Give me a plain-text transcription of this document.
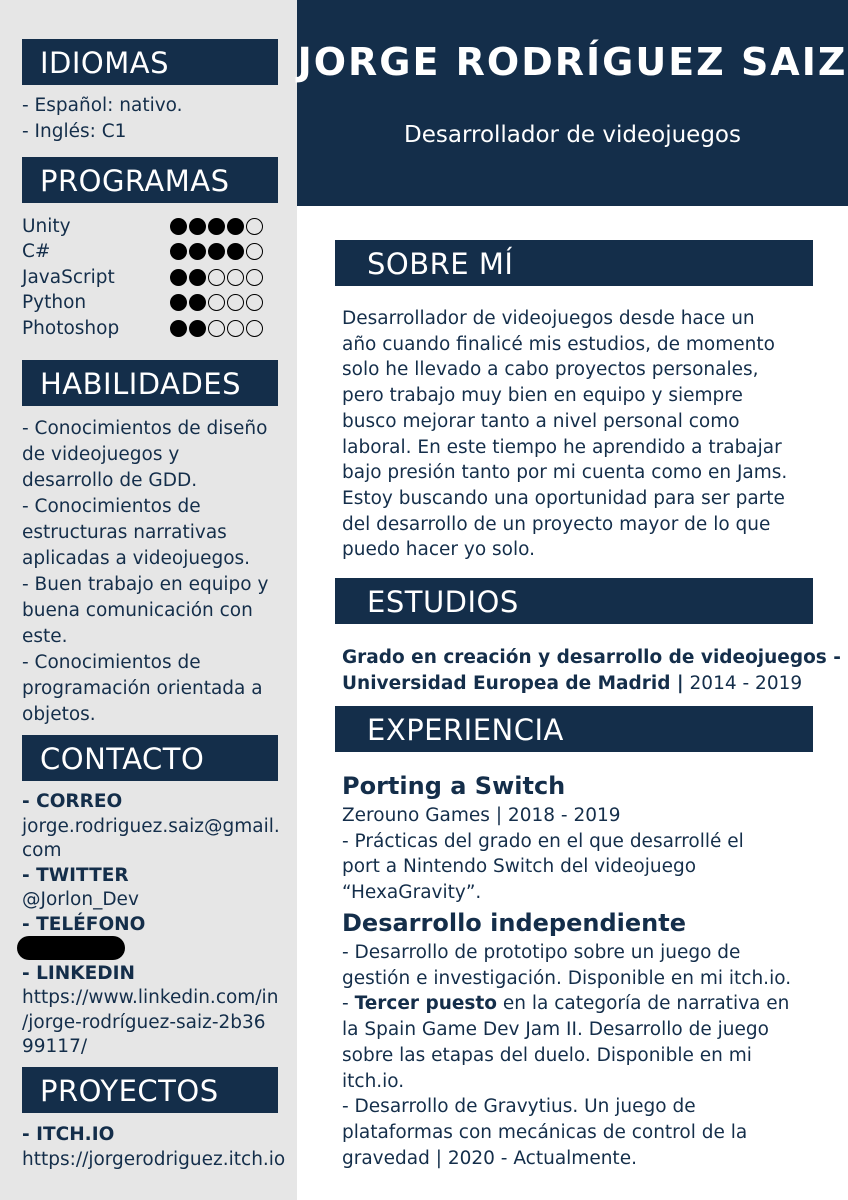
JORGE RODRÍGUEZ SAIZ
Desarrollador de videojuegos
IDIOMAS
- Español: nativo.
- Inglés: C1
PROGRAMAS
Unity
C#
JavaScript
Python
Photoshop
HABILIDADES
- Conocimientos de diseño
de videojuegos y
desarrollo de GDD.
- Conocimientos de
estructuras narrativas
aplicadas a videojuegos.
- Buen trabajo en equipo y
buena comunicación con
este.
- Conocimientos de
programación orientada a
objetos.
CONTACTO
- CORREO
jorge.rodriguez.saiz@gmail.
com
- TWITTER
@Jorlon_Dev
- TELÉFONO
- LINKEDIN
https://www.linkedin.com/in
/jorge-rodríguez-saiz-2b36
99117/
PROYECTOS
- ITCH.IO
https://jorgerodriguez.itch.io
SOBRE MÍ
Desarrollador de videojuegos desde hace un
año cuando finalicé mis estudios, de momento
solo he llevado a cabo proyectos personales,
pero trabajo muy bien en equipo y siempre
busco mejorar tanto a nivel personal como
laboral. En este tiempo he aprendido a trabajar
bajo presión tanto por mi cuenta como en Jams.
Estoy buscando una oportunidad para ser parte
del desarrollo de un proyecto mayor de lo que
puedo hacer yo solo.
ESTUDIOS
Grado en creación y desarrollo de videojuegos -
Universidad Europea de Madrid | 2014 - 2019
EXPERIENCIA
Porting a Switch
Zerouno Games | 2018 - 2019
- Prácticas del grado en el que desarrollé el
port a Nintendo Switch del videojuego
“HexaGravity”.
Desarrollo independiente
- Desarrollo de prototipo sobre un juego de
gestión e investigación. Disponible en mi itch.io.
- Tercer puesto en la categoría de narrativa en
la Spain Game Dev Jam II. Desarrollo de juego
sobre las etapas del duelo. Disponible en mi
itch.io.
- Desarrollo de Gravytius. Un juego de
plataformas con mecánicas de control de la
gravedad | 2020 - Actualmente.
